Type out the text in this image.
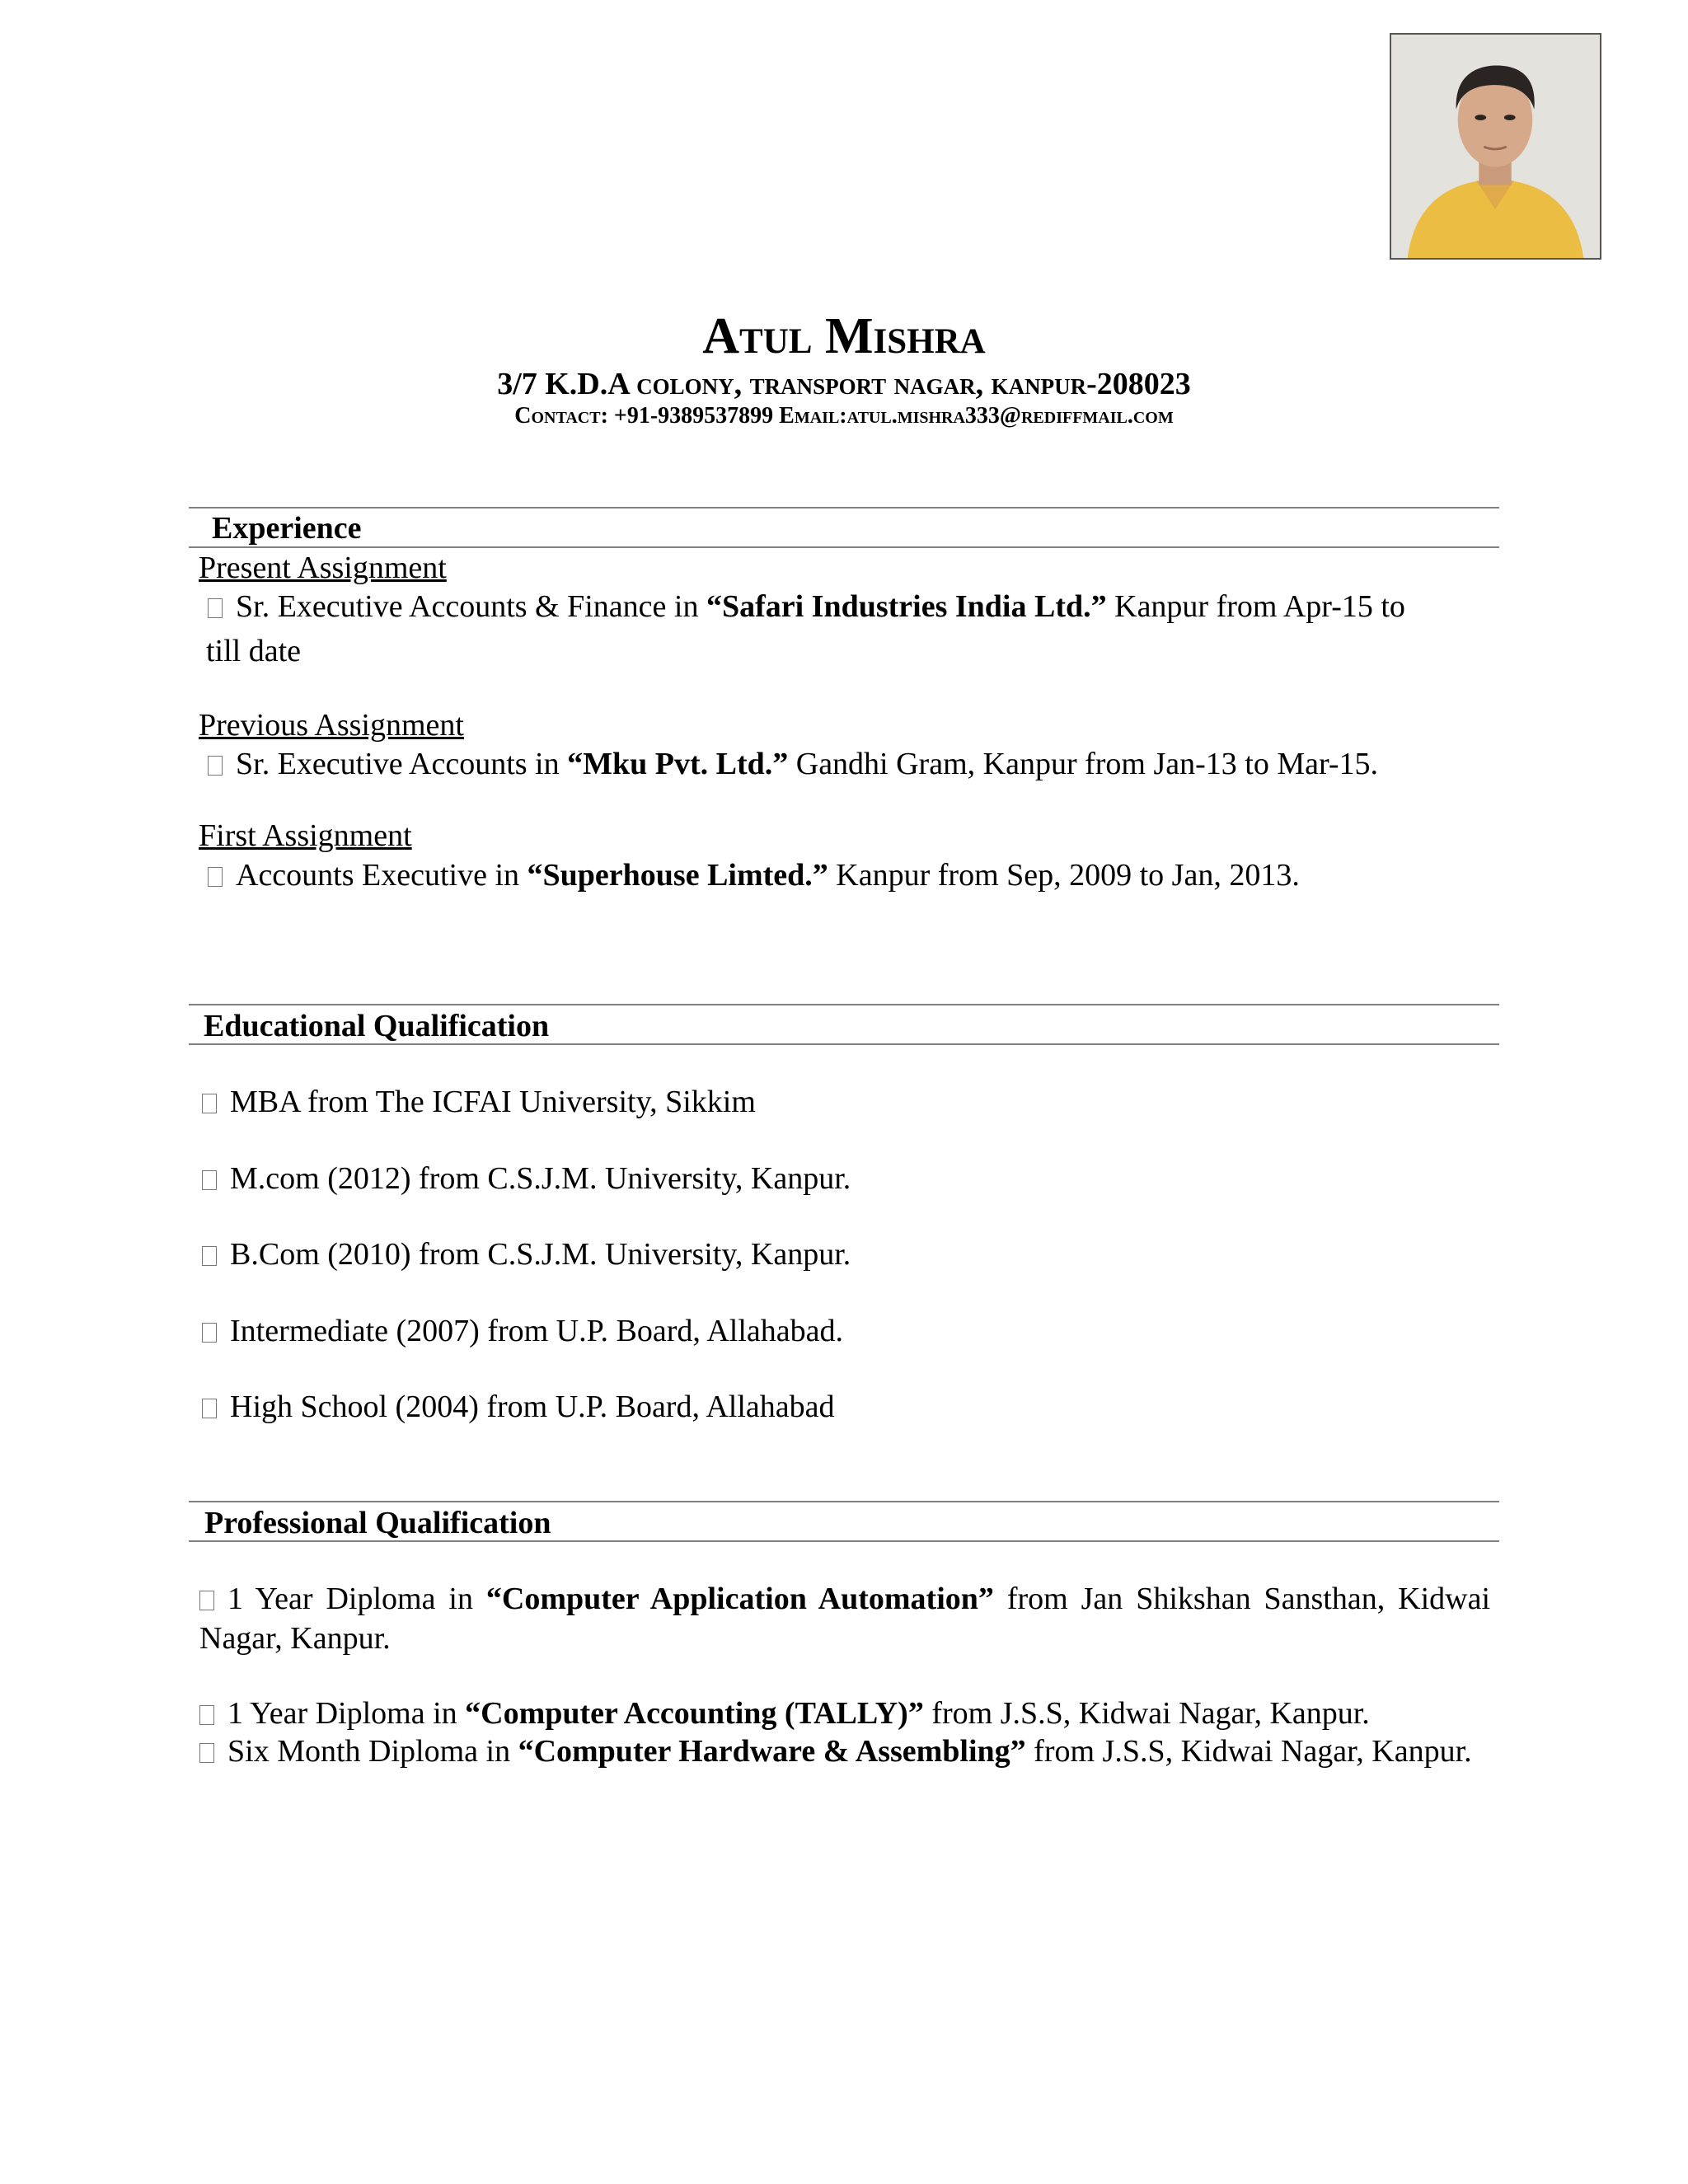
Atul Mishra
3/7 K.D.A colony, transport nagar, kanpur-208023
Contact: +91-9389537899 Email:atul.mishra333@rediffmail.com
Experience
Present Assignment
Sr. Executive Accounts & Finance in “Safari Industries India Ltd.” Kanpur from Apr-15 to
till date
Previous Assignment
Sr. Executive Accounts in “Mku Pvt. Ltd.” Gandhi Gram, Kanpur from Jan-13 to Mar-15.
First Assignment
Accounts Executive in “Superhouse Limted.” Kanpur from Sep, 2009 to Jan, 2013.
Educational Qualification
MBA from The ICFAI University, Sikkim
M.com (2012) from C.S.J.M. University, Kanpur.
B.Com (2010) from C.S.J.M. University, Kanpur.
Intermediate (2007) from U.P. Board, Allahabad.
High School (2004) from U.P. Board, Allahabad
Professional Qualification
1 Year Diploma in “Computer Application Automation” from Jan Shikshan Sansthan, Kidwai Nagar, Kanpur.
1 Year Diploma in “Computer Accounting (TALLY)” from J.S.S, Kidwai Nagar, Kanpur.
Six Month Diploma in “Computer Hardware & Assembling” from J.S.S, Kidwai Nagar, Kanpur.
